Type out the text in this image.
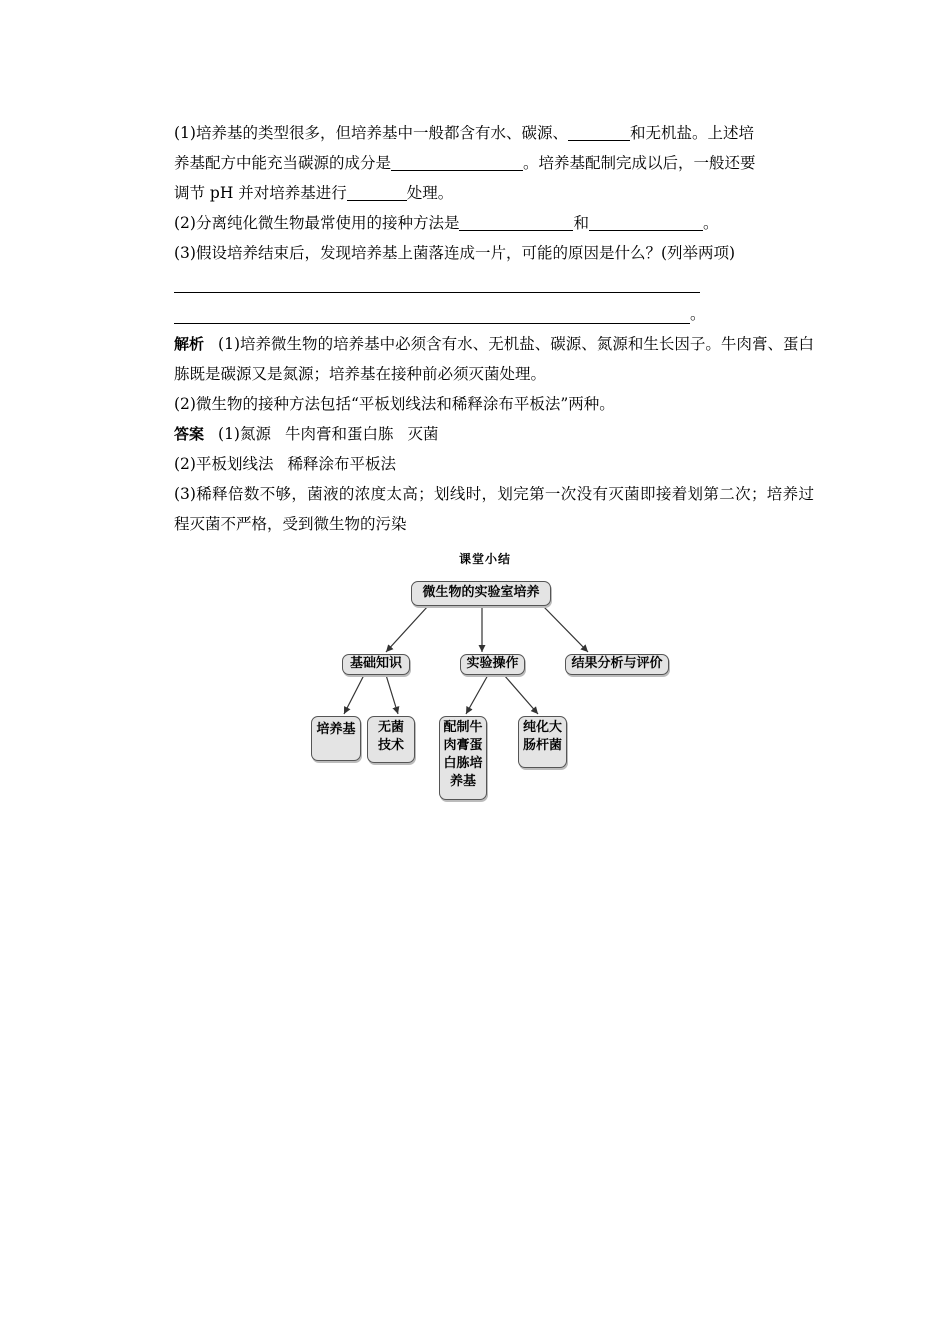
(1)培养基的类型很多，但培养基中一般都含有水、碳源、	和无机盐。上述培

养基配方中能充当碳源的成分是	。培养基配制完成以后，一般还要

调节 pH 并对培养基进行	处理。

(2)分离纯化微生物最常使用的接种方法是	和	。

(3)假设培养结束后，发现培养基上菌落连成一片，可能的原因是什么？(列举两项)

。

解析 (1)培养微生物的培养基中必须含有水、无机盐、碳源、氮源和生长因子。牛肉膏、蛋白胨既是碳源又是氮源；培养基在接种前必须灭菌处理。

(2)微生物的接种方法包括“平板划线法和稀释涂布平板法”两种。

答案 (1)氮源 牛肉膏和蛋白胨 灭菌

(2)平板划线法 稀释涂布平板法

(3)稀释倍数不够，菌液的浓度太高；划线时，划完第一次没有灭菌即接着划第二次；培养过程灭菌不严格，受到微生物的污染

课堂小结
微生物的实验室培养
基础知识	实验操作	结果分析与评价
培养基	无菌
技术
配制牛
肉膏蛋
白胨培
养基
纯化大
肠杆菌
